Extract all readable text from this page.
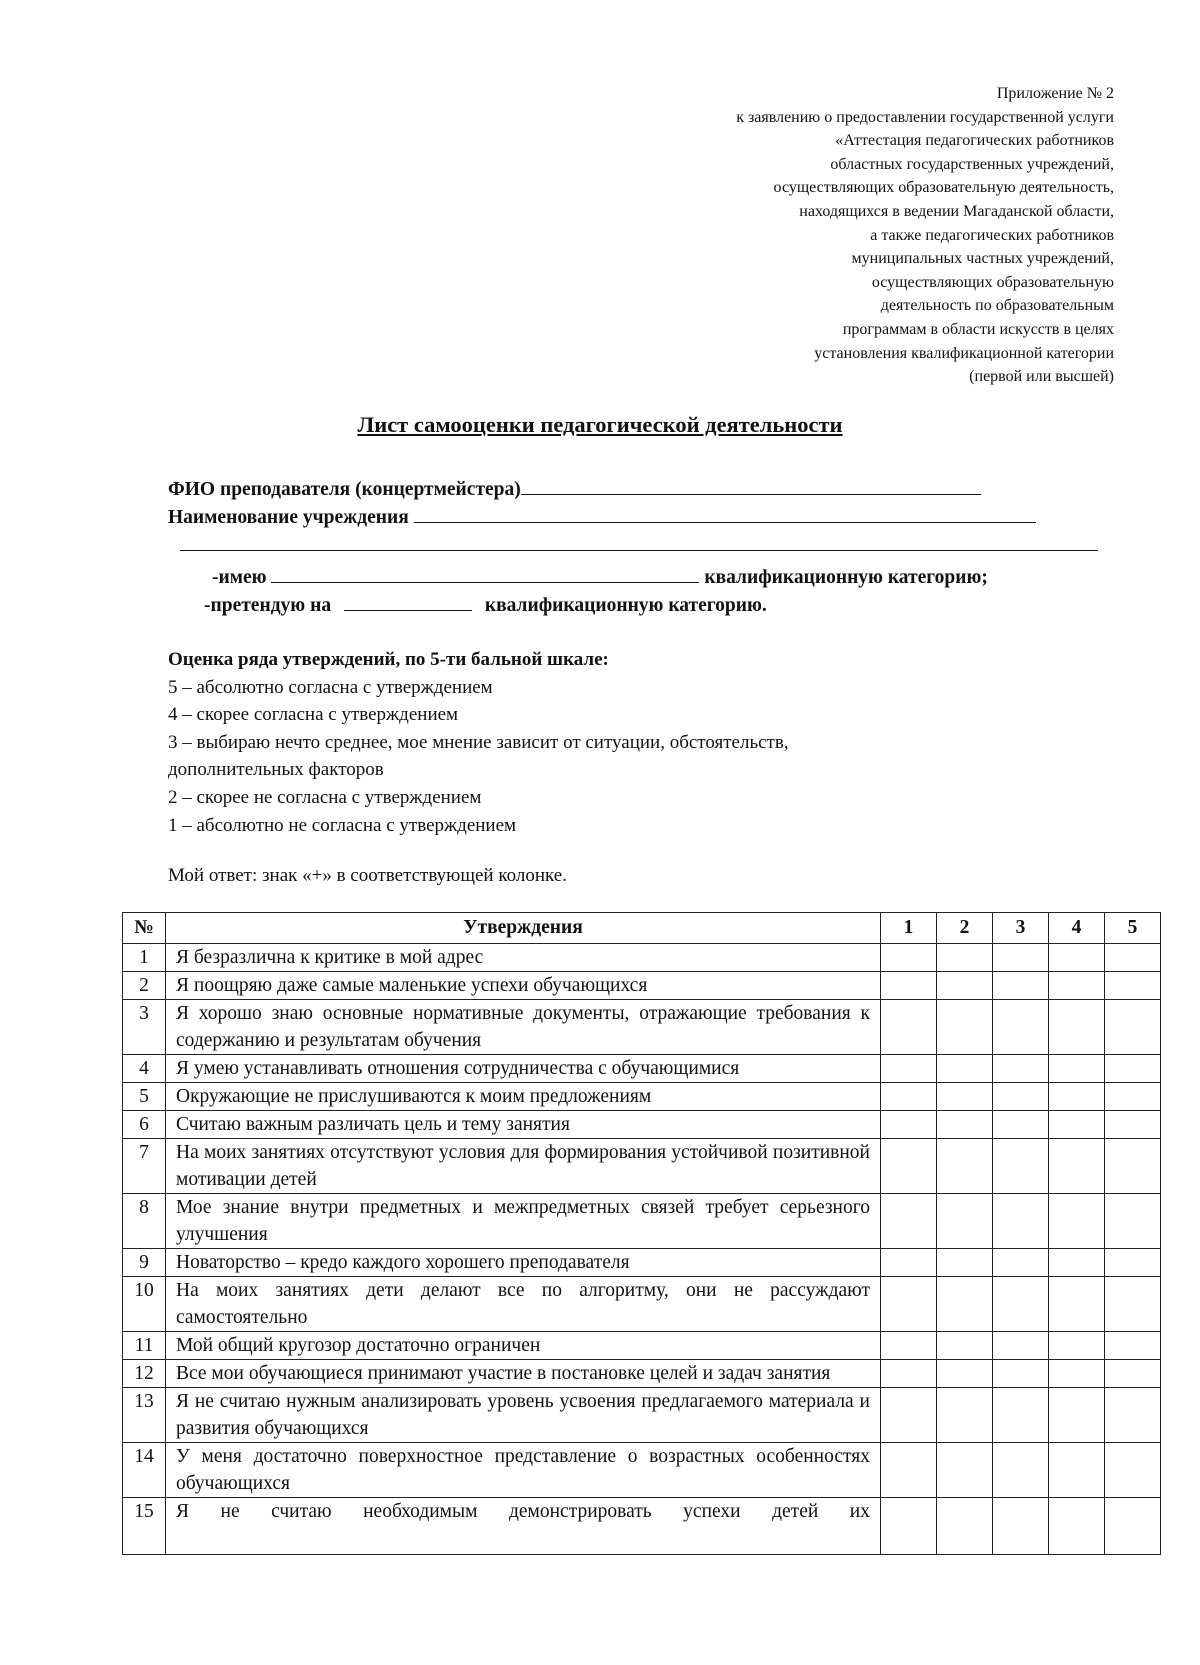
Приложение № 2
к заявлению о предоставлении государственной услуги
«Аттестация педагогических работников
областных государственных учреждений,
осуществляющих образовательную деятельность,
находящихся в ведении Магаданской области,
а также педагогических работников
муниципальных частных учреждений,
осуществляющих образовательную
деятельность по образовательным
программам в области искусств в целях
установления квалификационной категории
(первой или высшей)
Лист самооценки педагогической деятельности
ФИО преподавателя (концертмейстера)
Наименование учреждения
-имею	квалификационную категорию;
-претендую на	квалификационную категорию.
Оценка ряда утверждений, по 5-ти бальной шкале:
5 – абсолютно согласна с утверждением
4 – скорее согласна с утверждением
3 – выбираю нечто среднее, мое мнение зависит от ситуации, обстоятельств,
дополнительных факторов
2 – скорее не согласна с утверждением
1 – абсолютно не согласна с утверждением
Мой ответ: знак «+» в соответствующей колонке.
№	Утверждения	1	2	3	4	5
1	Я безразлична к критике в мой адрес					
2	Я поощряю даже самые маленькие успехи обучающихся					
3	Я хорошо знаю основные нормативные документы, отражающие требования к содержанию и результатам обучения					
4	Я умею устанавливать отношения сотрудничества с обучающимися					
5	Окружающие не прислушиваются к моим предложениям					
6	Считаю важным различать цель и тему занятия					
7	На моих занятиях отсутствуют условия для формирования устойчивой позитивной мотивации детей					
8	Мое знание внутри предметных и межпредметных связей требует серьезного улучшения					
9	Новаторство – кредо каждого хорошего преподавателя					
10	На моих занятиях дети делают все по алгоритму, они не рассуждают самостоятельно					
11	Мой общий кругозор достаточно ограничен					
12	Все мои обучающиеся принимают участие в постановке целей и задач занятия					
13	Я не считаю нужным анализировать уровень усвоения предлагаемого материала и развития обучающихся					
14	У меня достаточно поверхностное представление о возрастных особенностях обучающихся					
15	Я не считаю необходимым демонстрировать успехи детей их					
